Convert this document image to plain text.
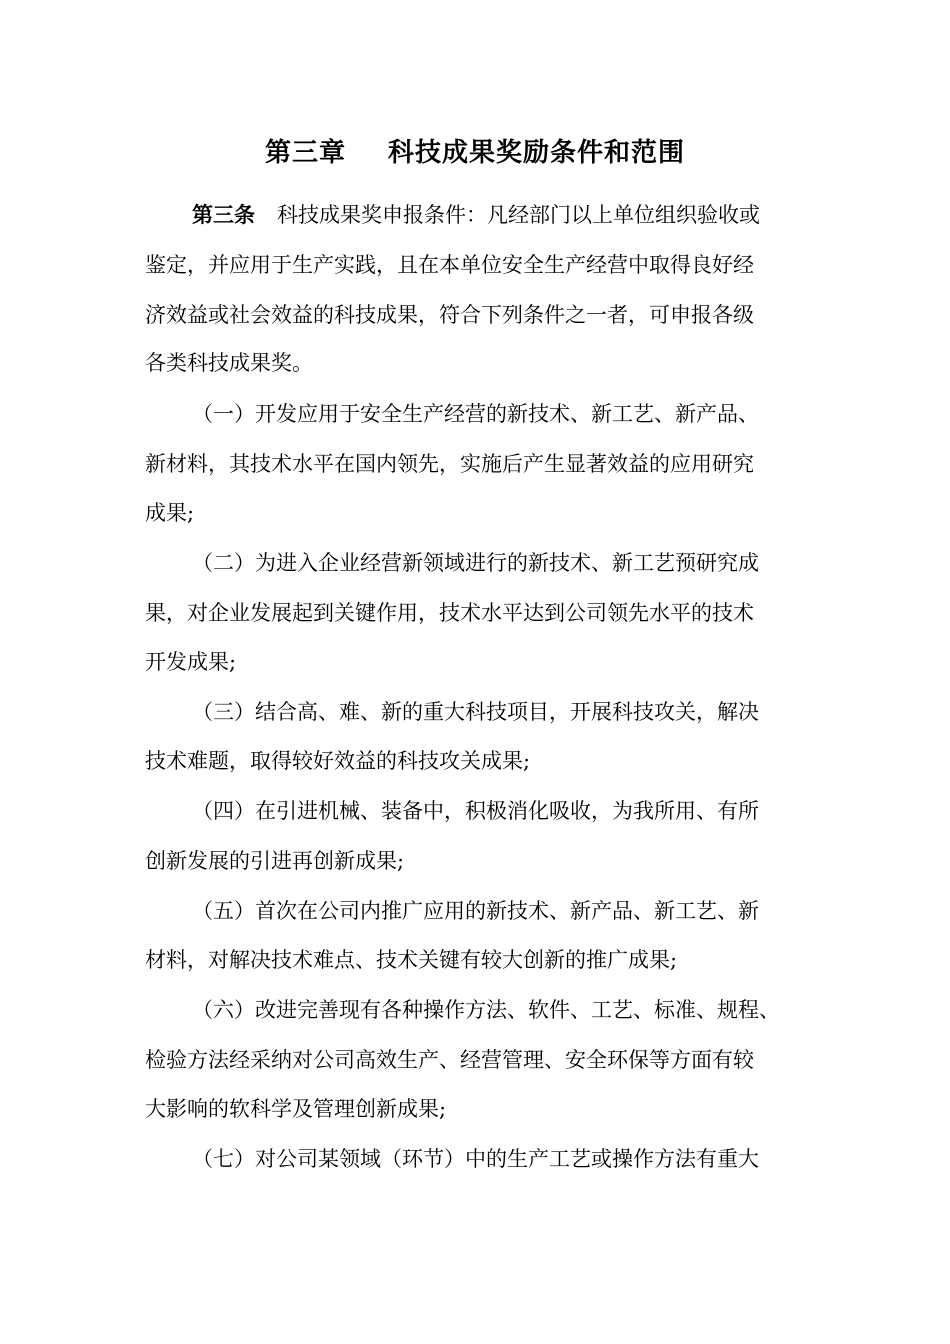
第三章 科技成果奖励条件和范围
第三条 科技成果奖申报条件：凡经部门以上单位组织验收或
鉴定，并应用于生产实践，且在本单位安全生产经营中取得良好经
济效益或社会效益的科技成果，符合下列条件之一者，可申报各级
各类科技成果奖。
（一）开发应用于安全生产经营的新技术、新工艺、新产品、
新材料，其技术水平在国内领先，实施后产生显著效益的应用研究
成果;
（二）为进入企业经营新领域进行的新技术、新工艺预研究成
果，对企业发展起到关键作用，技术水平达到公司领先水平的技术
开发成果;
（三）结合高、难、新的重大科技项目，开展科技攻关，解决
技术难题，取得较好效益的科技攻关成果;
（四）在引进机械、装备中，积极消化吸收，为我所用、有所
创新发展的引进再创新成果;
（五）首次在公司内推广应用的新技术、新产品、新工艺、新
材料，对解决技术难点、技术关键有较大创新的推广成果;
（六）改进完善现有各种操作方法、软件、工艺、标准、规程、
检验方法经采纳对公司高效生产、经营管理、安全环保等方面有较
大影响的软科学及管理创新成果;
（七）对公司某领域（环节）中的生产工艺或操作方法有重大
